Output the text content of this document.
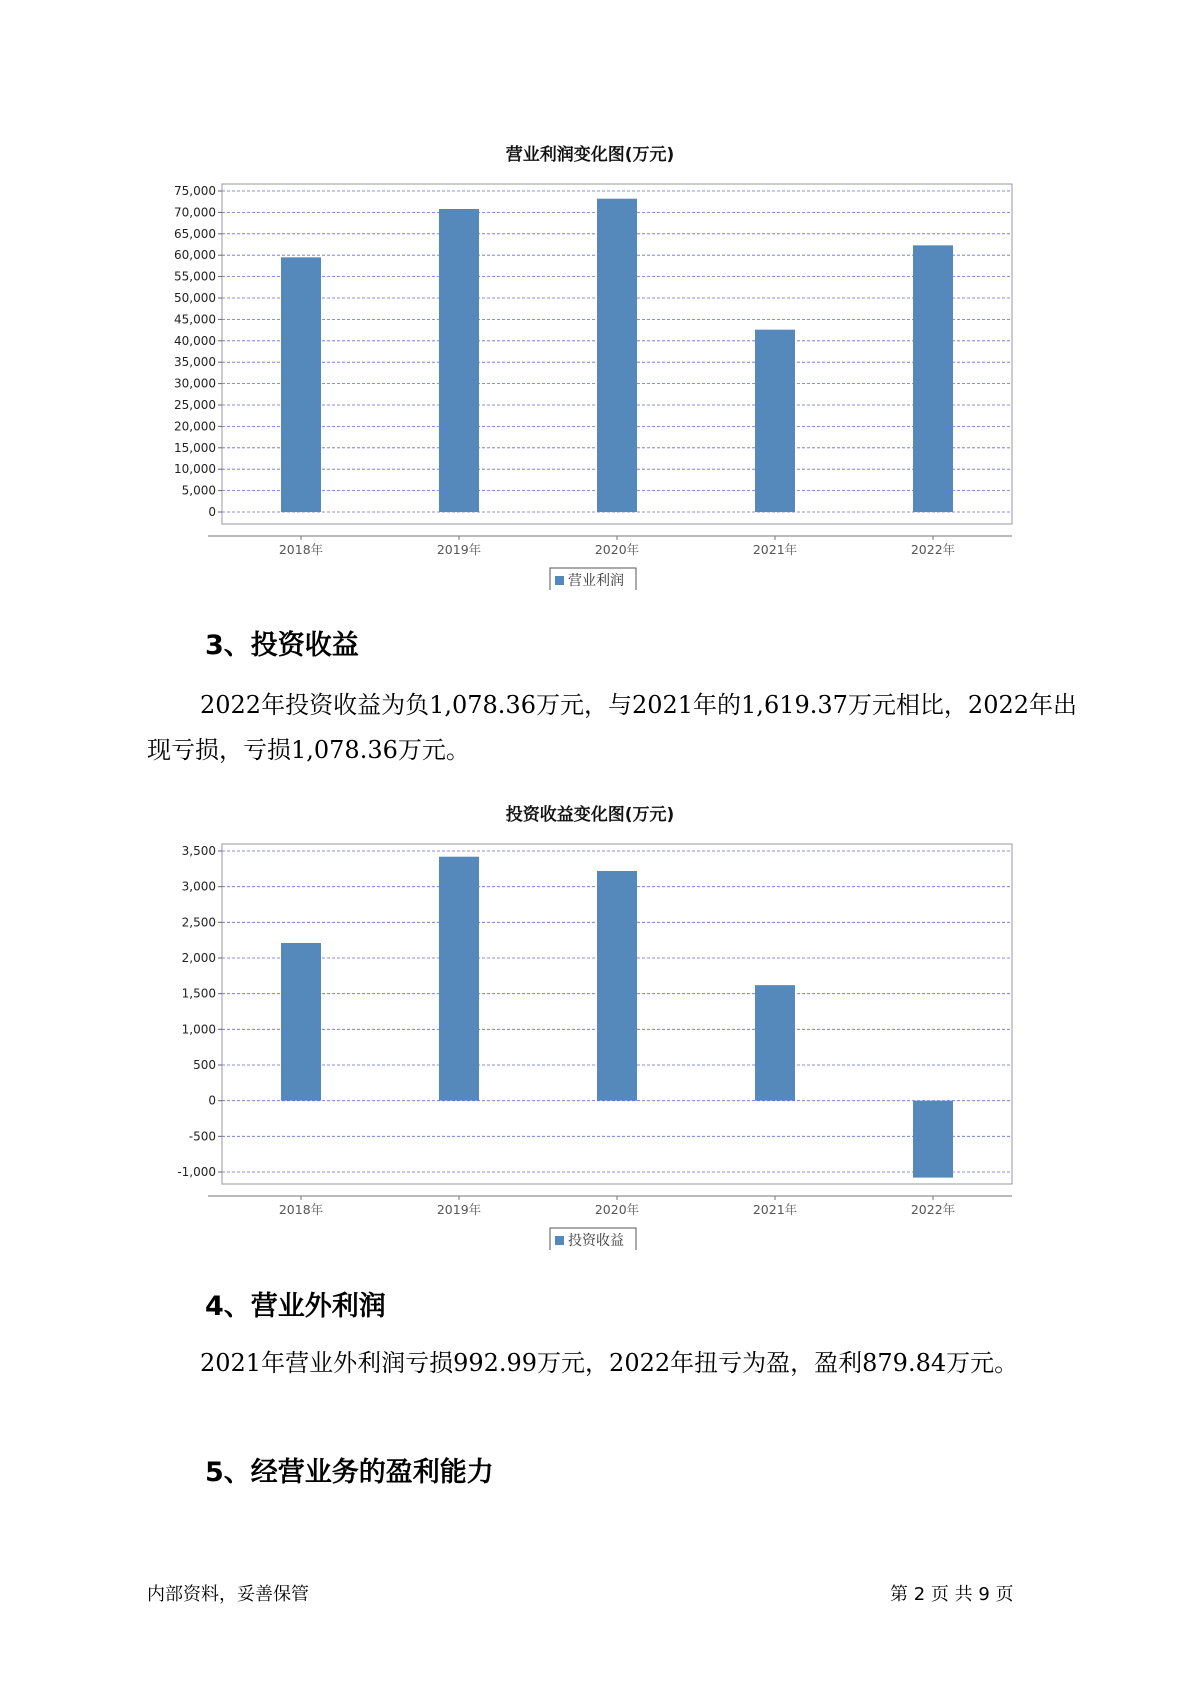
营业利润变化图(万元)
0
5,000
10,000
15,000
20,000
25,000
30,000
35,000
40,000
45,000
50,000
55,000
60,000
65,000
70,000
75,000
2018年	2019年	2020年	2021年	2022年
营业利润
3、投资收益

2022年投资收益为负1,078.36万元，与2021年的1,619.37万元相比，2022年出现亏损，亏损1,078.36万元。

投资收益变化图(万元)
-1,000
-500
0
500
1,000
1,500
2,000
2,500
3,000
3,500
2018年	2019年	2020年	2021年	2022年
投资收益
4、营业外利润

2021年营业外利润亏损992.99万元，2022年扭亏为盈，盈利879.84万元。

5、经营业务的盈利能力
内部资料，妥善保管	第 2 页 共 9 页
